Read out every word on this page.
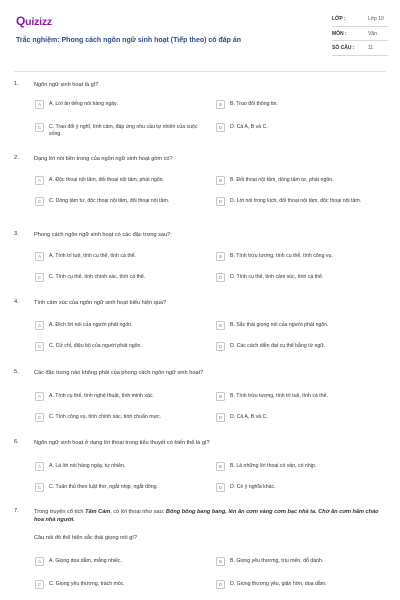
Quizizz
Trắc nghiệm: Phong cách ngôn ngữ sinh hoạt (Tiếp theo) có đáp án
LỚP :	Lớp 10
MÔN :	Văn
SỐ CÂU :	11
1.	Ngôn ngữ sinh hoạt là gì?
A	A. Lời ăn tiếng nói hàng ngày.	B	B. Trao đổi thông tin.
C	C. Trao đổi ý nghĩ, tình cảm, đáp ứng nhu cầu tự nhiên của cuộc sống.
D	D. Cả A, B và C.
2.	Dạng lời nói bên trong của ngôn ngữ sinh hoạt gồm có?
A	A. Độc thoại nội tâm, đối thoại nội tâm, phát ngôn.	B	B. Đối thoại nội tâm, dòng tâm tư, phát ngôn.
C	C. Dòng tâm tư, độc thoại nội tâm, đối thoại nội tâm.	D	D. Lời nói trong kịch, đối thoại nội tâm, độc thoại nội tâm.
3.	Phong cách ngôn ngữ sinh hoạt có các đặc trưng sau?:
A	A. Tính trí tuệ, tính cụ thể, tính cá thể.	B	B. Tính trừu tượng, tính cụ thể, tính công vụ.
C	C. Tính cụ thể, tính chính xác, tính cá thể.	D	D. Tính cụ thể, tính cảm xúc, tính cá thể.
4.	Tính cảm xúc của ngôn ngữ sinh hoạt biểu hiện qua?
A	A. Đích lời nói của người phát ngôn.	B	B. Sắc thái giọng nói của người phát ngôn.
C	C. Cử chỉ, điệu bộ của người phát ngôn.	D	D. Các cách diễn đạt cụ thể bằng từ ngữ.
5.	Các đặc trưng nào không phải của phong cách ngôn ngữ sinh hoạt?
A	A. Tính cụ thể, tính nghệ thuật, tính minh xác.	B	B. Tính trừu tượng, tính trí tuệ, tính cá thể.
C	C. Tính công vụ, tính chính xác, tính chuẩn mực.	D	D. Cả A, B và C.
6.	Ngôn ngữ sinh hoạt ở dạng lời thoại trong tiểu thuyết có biến thể là gì?
A	A. Là lời nói hàng ngày, tự nhiên.	B	B. Là những lời thoại có vần, có nhịp.
C	C. Tuân thủ theo luật thơ, ngắt nhịp, ngắt dòng.	D	D. Có ý nghĩa khác.
7.	Trong truyện cổ tích Tấm Cám, có lời thoại như sau: Bống bống bang bang, lên ăn cơm vàng cơm bạc nhà ta. Chớ ăn cơm hẩm cháo hoa nhà người.
Câu nói đó thể hiện sắc thái giọng nói gì?
A	A. Giọng dọa dẫm, mắng nhiếc.	B	B. Giọng yêu thương, trìu mến, dỗ dành.
C	C. Giọng yêu thương, trách móc.	D	D. Giọng thương yêu, giận hờn, dọa dẫm.
